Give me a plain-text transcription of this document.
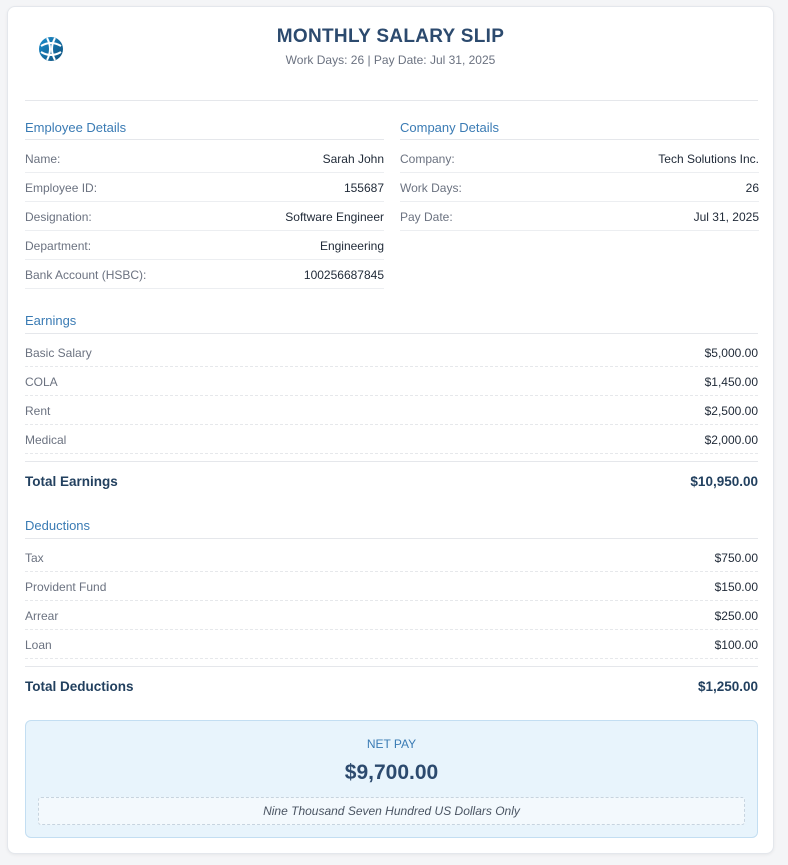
MONTHLY SALARY SLIP
Work Days: 26 | Pay Date: Jul 31, 2025
Employee Details
Name:	Sarah John
Employee ID:	155687
Designation:	Software Engineer
Department:	Engineering
Bank Account (HSBC):	100256687845
Company Details
Company:	Tech Solutions Inc.
Work Days:	26
Pay Date:	Jul 31, 2025
Earnings
Basic Salary	$5,000.00
COLA	$1,450.00
Rent	$2,500.00
Medical	$2,000.00
Total Earnings	$10,950.00
Deductions
Tax	$750.00
Provident Fund	$150.00
Arrear	$250.00
Loan	$100.00
Total Deductions	$1,250.00
NET PAY
$9,700.00
Nine Thousand Seven Hundred US Dollars Only
